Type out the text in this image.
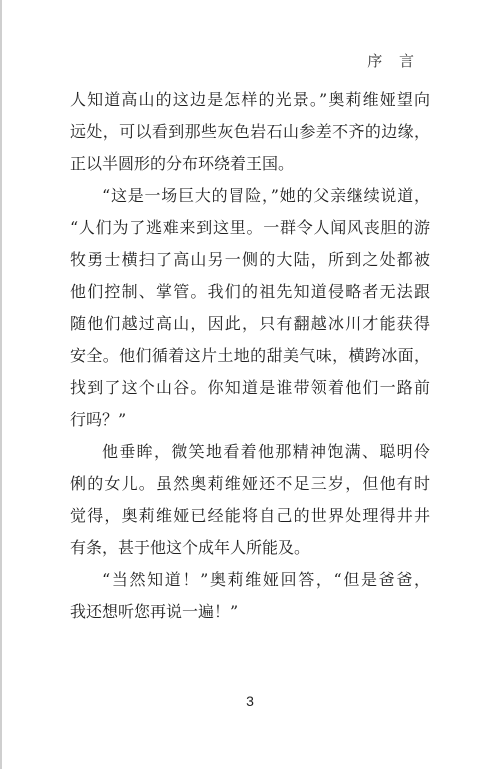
序 言
人知道高山的这边是怎样的光景。”奥莉维娅望向
远处，可以看到那些灰色岩石山参差不齐的边缘，
正以半圆形的分布环绕着王国。
“这是一场巨大的冒险，”她的父亲继续说道，
“人们为了逃难来到这里。一群令人闻风丧胆的游
牧勇士横扫了高山另一侧的大陆，所到之处都被
他们控制、掌管。我们的祖先知道侵略者无法跟
随他们越过高山，因此，只有翻越冰川才能获得
安全。他们循着这片土地的甜美气味，横跨冰面，
找到了这个山谷。你知道是谁带领着他们一路前
行吗？”
他垂眸，微笑地看着他那精神饱满、聪明伶
俐的女儿。虽然奥莉维娅还不足三岁，但他有时
觉得，奥莉维娅已经能将自己的世界处理得井井
有条，甚于他这个成年人所能及。
“当然知道！”奥莉维娅回答，“但是爸爸，
我还想听您再说一遍！”
3
